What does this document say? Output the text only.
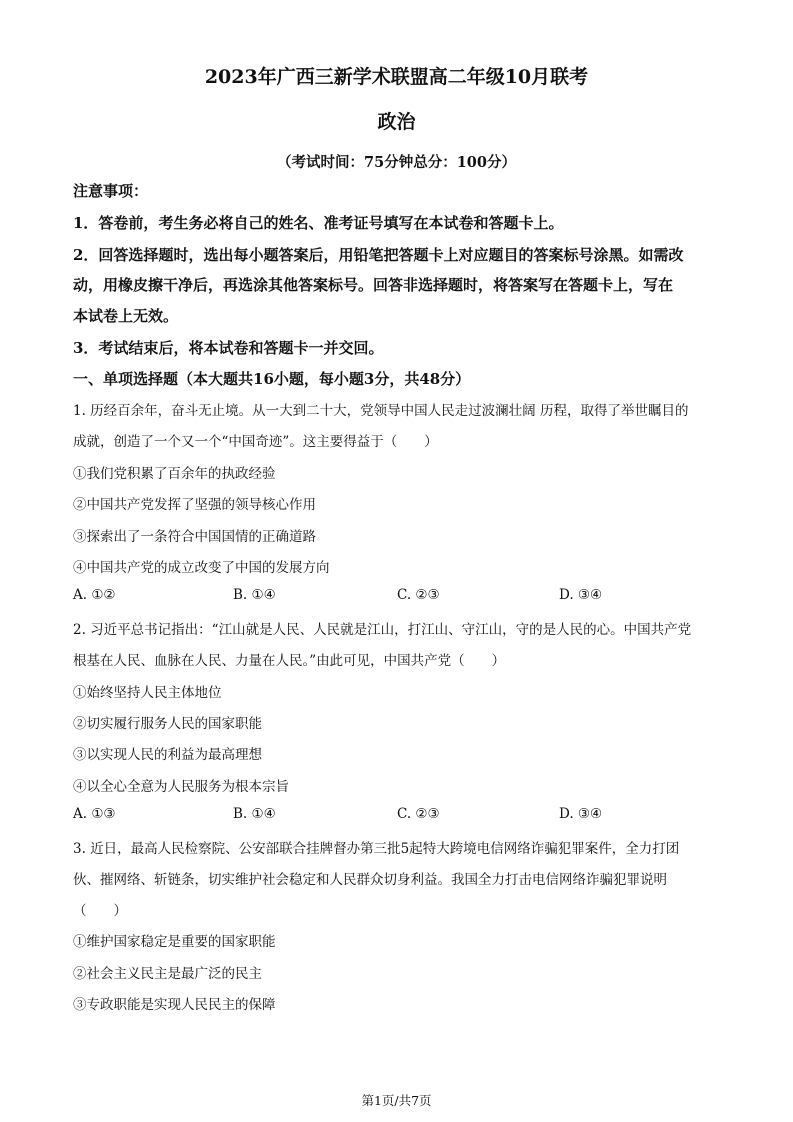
2023年广西三新学术联盟高二年级10月联考
政治
（考试时间：75分钟总分：100分）
注意事项：
1．答卷前，考生务必将自己的姓名、准考证号填写在本试卷和答题卡上。
2．回答选择题时，选出每小题答案后，用铅笔把答题卡上对应题目的答案标号涂黑。如需改
动，用橡皮擦干净后，再选涂其他答案标号。回答非选择题时，将答案写在答题卡上，写在
本试卷上无效。
3．考试结束后，将本试卷和答题卡一并交回。
一、单项选择题（本大题共16小题，每小题3分，共48分）
1. 历经百余年，奋斗无止境。从一大到二十大，党领导中国人民走过波澜壮阔 历程，取得了举世瞩目的
成就，创造了一个又一个“中国奇迹”。这主要得益于（　　）
①我们党积累了百余年的执政经验
②中国共产党发挥了坚强的领导核心作用
③探索出了一条符合中国国情的正确道路
④中国共产党的成立改变了中国的发展方向
A. ①②	B. ①④	C. ②③	D. ③④
2. 习近平总书记指出：“江山就是人民、人民就是江山，打江山、守江山，守的是人民的心。中国共产党
根基在人民、血脉在人民、力量在人民。”由此可见，中国共产党（　　）
①始终坚持人民主体地位
②切实履行服务人民的国家职能
③以实现人民的利益为最高理想
④以全心全意为人民服务为根本宗旨
A. ①③	B. ①④	C. ②③	D. ③④
3. 近日，最高人民检察院、公安部联合挂牌督办第三批5起特大跨境电信网络诈骗犯罪案件，全力打团
伙、摧网络、斩链条，切实维护社会稳定和人民群众切身利益。我国全力打击电信网络诈骗犯罪说明
（　　）
①维护国家稳定是重要的国家职能
②社会主义民主是最广泛的民主
③专政职能是实现人民民主的保障
第1页/共7页
